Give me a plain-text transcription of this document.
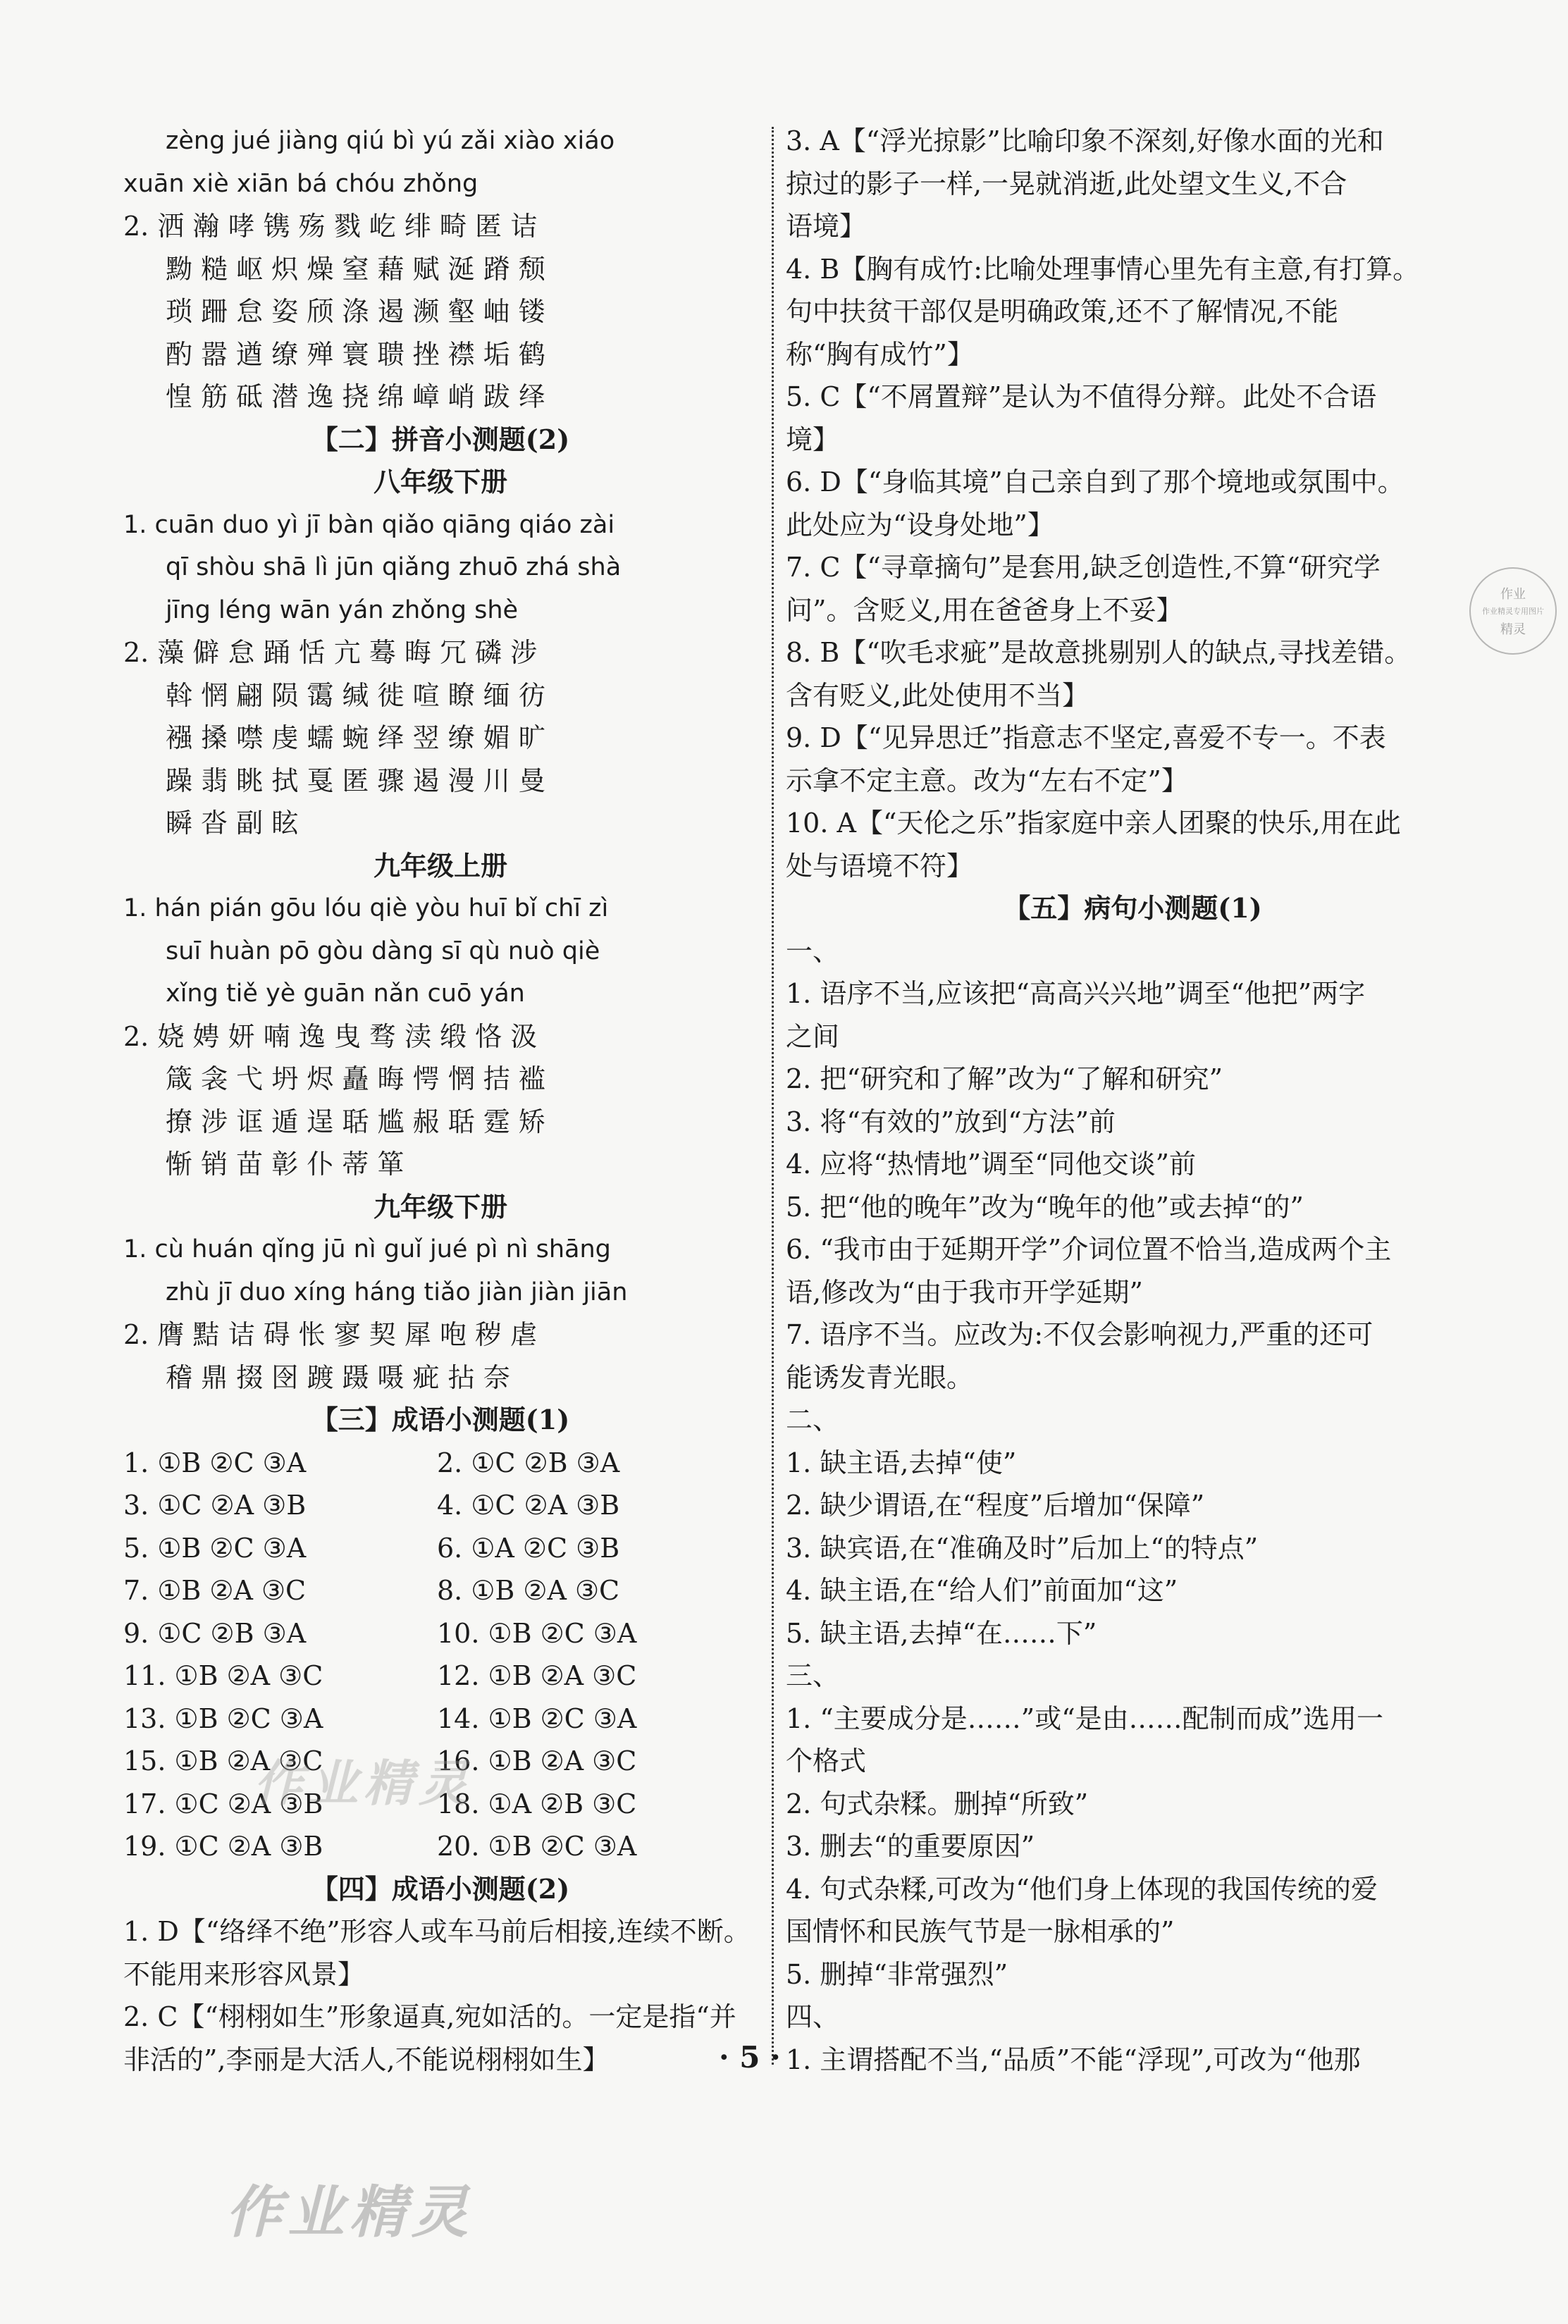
zèng jué jiàng qiú bì yú zǎi xiào xiáo
xuān xiè xiān bá chóu zhǒng
2. 洒 瀚 哮 镌 殇 戮 屹 绯 畸 匿 诘
黝 糙 岖 炽 燥 窒 藉 赋 涎 蹐 颓
琐 跚 怠 姿 颀 涤 遏 濒 壑 岫 镂
酌 嚣 遒 缭 殚 寰 聩 挫 襟 垢 鹤
惶 筋 砥 潜 逸 挠 绵 嶂 峭 跋 绎
【二】拼音小测题(2)
八年级下册
1. cuān duo yì jī bàn qiǎo qiāng qiáo zài
qī shòu shā lì jūn qiǎng zhuō zhá shà
jīng léng wān yán zhǒng shè
2. 藻 僻 怠 踊 恬 亢 蓦 晦 冗 磷 涉
斡 惘 翩 陨 霭 缄 徙 喧 瞭 缅 彷
襁 搡 噤 虔 蠕 蜿 绎 翌 缭 媚 旷
躁 翡 眺 拭 戛 匿 骤 遏 漫 川 曼
瞬 沓 副 眩
九年级上册
1. hán pián gōu lóu qiè yòu huī bǐ chī zì
suī huàn pō gòu dàng sī qù nuò qiè
xǐng tiě yè guān nǎn cuō yán
2. 娆 娉 妍 喃 逸 曳 骛 渎 缎 恪 汲
箴 衾 弋 坍 烬 矗 晦 愕 惘 拮 褴
撩 涉 诓 遁 逞 聒 尴 赧 聒 霆 矫
惭 销 苗 彰 仆 蒂 箪
九年级下册
1. cù huán qǐng jū nì guǐ jué pì nì shāng
zhù jī duo xíng háng tiǎo jiàn jiàn jiān
2. 膺 黠 诘 碍 怅 寥 契 犀 咆 秽 虐
稽 鼎 掇 囹 踱 蹑 嗫 疵 拈 奈
【三】成语小测题(1)
1. ①B ②C ③A	2. ①C ②B ③A
3. ①C ②A ③B	4. ①C ②A ③B
5. ①B ②C ③A	6. ①A ②C ③B
7. ①B ②A ③C	8. ①B ②A ③C
9. ①C ②B ③A	10. ①B ②C ③A
11. ①B ②A ③C	12. ①B ②A ③C
13. ①B ②C ③A	14. ①B ②C ③A
15. ①B ②A ③C	16. ①B ②A ③C
17. ①C ②A ③B	18. ①A ②B ③C
19. ①C ②A ③B	20. ①B ②C ③A
【四】成语小测题(2)
1. D【“络绎不绝”形容人或车马前后相接,连续不断。
不能用来形容风景】
2. C【“栩栩如生”形象逼真,宛如活的。一定是指“并
非活的”,李丽是大活人,不能说栩栩如生】
3. A【“浮光掠影”比喻印象不深刻,好像水面的光和
掠过的影子一样,一晃就消逝,此处望文生义,不合
语境】
4. B【胸有成竹:比喻处理事情心里先有主意,有打算。
句中扶贫干部仅是明确政策,还不了解情况,不能
称“胸有成竹”】
5. C【“不屑置辩”是认为不值得分辩。此处不合语
境】
6. D【“身临其境”自己亲自到了那个境地或氛围中。
此处应为“设身处地”】
7. C【“寻章摘句”是套用,缺乏创造性,不算“研究学
问”。含贬义,用在爸爸身上不妥】
8. B【“吹毛求疵”是故意挑剔别人的缺点,寻找差错。
含有贬义,此处使用不当】
9. D【“见异思迁”指意志不坚定,喜爱不专一。不表
示拿不定主意。改为“左右不定”】
10. A【“天伦之乐”指家庭中亲人团聚的快乐,用在此
处与语境不符】
【五】病句小测题(1)
一、
1. 语序不当,应该把“高高兴兴地”调至“他把”两字
之间
2. 把“研究和了解”改为“了解和研究”
3. 将“有效的”放到“方法”前
4. 应将“热情地”调至“同他交谈”前
5. 把“他的晚年”改为“晚年的他”或去掉“的”
6. “我市由于延期开学”介词位置不恰当,造成两个主
语,修改为“由于我市开学延期”
7. 语序不当。应改为:不仅会影响视力,严重的还可
能诱发青光眼。
二、
1. 缺主语,去掉“使”
2. 缺少谓语,在“程度”后增加“保障”
3. 缺宾语,在“准确及时”后加上“的特点”
4. 缺主语,在“给人们”前面加“这”
5. 缺主语,去掉“在……下”
三、
1. “主要成分是……”或“是由……配制而成”选用一
个格式
2. 句式杂糅。删掉“所致”
3. 删去“的重要原因”
4. 句式杂糅,可改为“他们身上体现的我国传统的爱
国情怀和民族气节是一脉相承的”
5. 删掉“非常强烈”
四、
1. 主谓搭配不当,“品质”不能“浮现”,可改为“他那
· 5 ·
作业精灵
作业精灵
作业
作业精灵专用图片
精灵
